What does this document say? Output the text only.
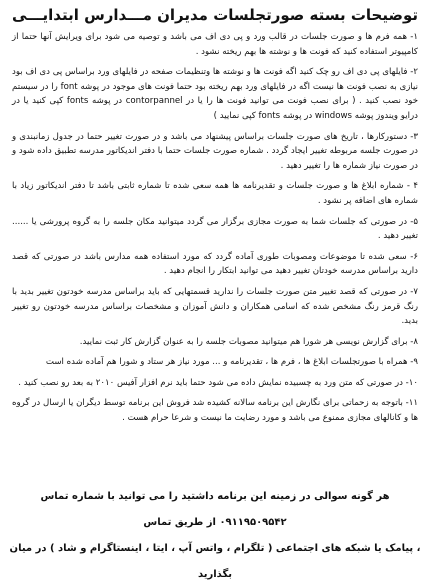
توضیحات بسته صورتجلسات مدیران مـــدارس ابتدایـــی

۱- همه فرم ها و صورت جلسات در قالب ورد و پی دی اف می باشد و توصیه می شود برای ویرایش آنها حتما از کامپیوتر استفاده کنید که فونت ها و نوشته ها بهم ریخته نشود .

۲- فایلهای پی دی اف رو چک کنید اگه فونت ها و نوشته ها وتنظیمات صفحه در فایلهای ورد براساس پی دی اف بود نیازی به نصب فونت ها نیست اگه در فایلهای ورد بهم ریخته بود حتما فونت های موجود در پوشه font را در سیستم خود نصب کنید . ( برای نصب فونت می توانید فونت ها را یا در contorpannel در پوشه fonts کپی کنید یا در درایو ویندوز پوشه windows در پوشه fonts کپی نمایید )

۳- دستورکارها ، تاریخ های صورت جلسات براساس پیشنهاد می باشد و در صورت تغییر حتما در جدول زمانبندی و در صورت جلسه مربوطه تغییر ایجاد گردد . شماره صورت جلسات حتما با دفتر اندیکاتور مدرسه تطبیق داده شود و در صورت نیاز شماره ها را تغییر دهید .

۴ - شماره ابلاغ ها و صورت جلسات و تقدیرنامه ها همه سعی شده تا شماره ثابتی باشد تا دفتر اندیکاتور زیاد با شماره های اضافه پر نشود .

۵- در صورتی که جلسات شما به صورت مجازی برگزار می گردد میتوانید مکان جلسه را به گروه پرورشی یا ...... تغییر دهید .

۶- سعی شده تا موضوعات ومصوبات طوری آماده گردد که مورد استفاده همه مدارس باشد در صورتی که قصد دارید براساس مدرسه خودتان تغییر دهید می توانید ابتکار را انجام دهید .

۷- در صورتی که قصد تغییر متن صورت جلسات را ندارید قسمتهایی که باید براساس مدرسه خودتون تغییر بدید با رنگ قرمز رنگ مشخص شده که اسامی همکاران و دانش آموزان و مشخصات براساس مدرسه خودتون رو تغییر بدید.

۸- برای گزارش نویسی هر شورا هم میتوانید مصوبات جلسه را به عنوان گزارش کار ثبت نمایید.

۹- همراه با صورتجلسات ابلاغ ها ، فرم ها ، تقدیرنامه و ... مورد نیاز هر ستاد و شورا هم آماده شده است

۱۰- در صورتی که متن ورد به چسبیده نمایش داده می شود حتما باید نرم افزار آفیس ۲۰۱۰ به بعد رو نصب کنید .

۱۱- باتوجه به زحماتی برای نگارش این برنامه سالانه کشیده شد فروش این برنامه توسط دیگران یا ارسال در گروه ها و کانالهای مجازی ممنوع می باشد و مورد رضایت ما نیست و شرعا حرام هست .

هر گونه سوالی در زمینه این برنامه داشتید را می توانید با شماره تماس ۰۹۱۱۹۵۰۹۵۴۲ از طریق تماس
، پیامک یا شبکه های اجتماعی ( تلگرام ، واتس آپ ، ایتا ، اینستاگرام و شاد ) در میان بگذارید
